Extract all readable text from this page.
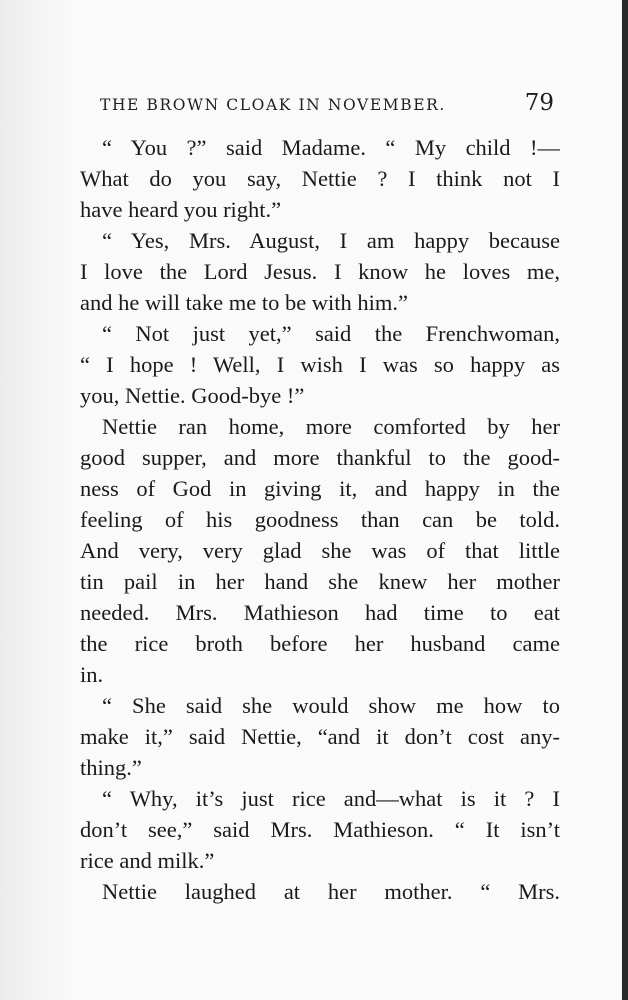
THE BROWN CLOAK IN NOVEMBER.	79
“ You ?” said Madame. “ My child !—
What do you say, Nettie ? I think not I
have heard you right.”
“ Yes, Mrs. August, I am happy because
I love the Lord Jesus. I know he loves me,
and he will take me to be with him.”
“ Not just yet,” said the Frenchwoman,
“ I hope ! Well, I wish I was so happy as
you, Nettie. Good-bye !”
Nettie ran home, more comforted by her
good supper, and more thankful to the good-
ness of God in giving it, and happy in the
feeling of his goodness than can be told.
And very, very glad she was of that little
tin pail in her hand she knew her mother
needed. Mrs. Mathieson had time to eat
the rice broth before her husband came
in.
“ She said she would show me how to
make it,” said Nettie, “and it don’t cost any-
thing.”
“ Why, it’s just rice and—what is it ? I
don’t see,” said Mrs. Mathieson. “ It isn’t
rice and milk.”
Nettie laughed at her mother. “ Mrs.
